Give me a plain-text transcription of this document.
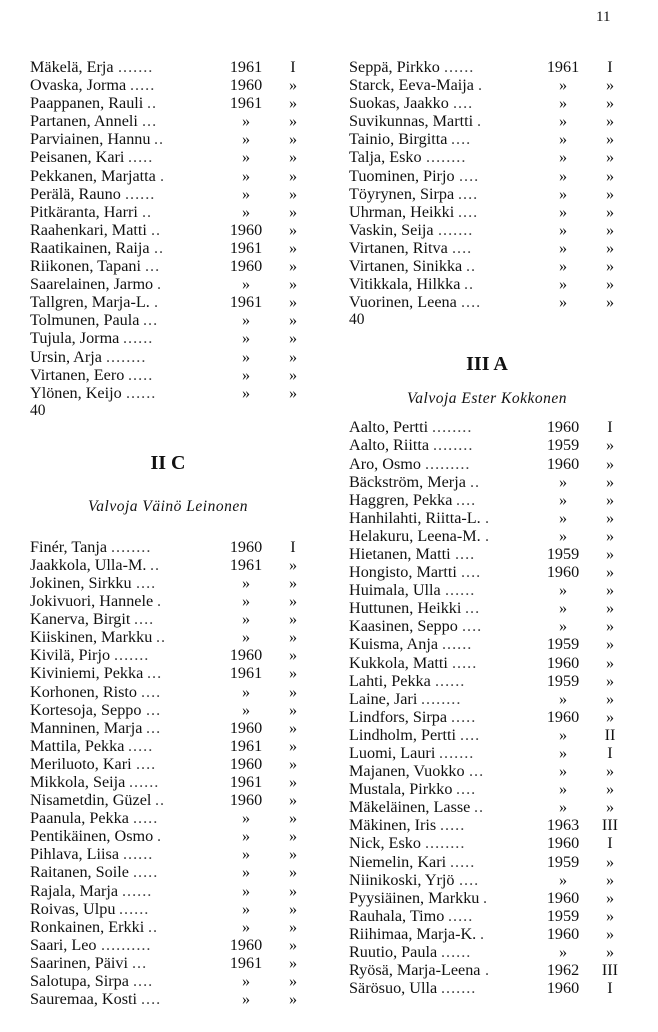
11
Mäkelä, Erja .......	1961	I
Ovaska, Jorma .....	1960	»
Paappanen, Rauli ..	1961	»
Partanen, Anneli ...	»	»
Parviainen, Hannu ..	»	»
Peisanen, Kari .....	»	»
Pekkanen, Marjatta .	»	»
Perälä, Rauno ......	»	»
Pitkäranta, Harri ..	»	»
Raahenkari, Matti ..	1960	»
Raatikainen, Raija ..	1961	»
Riikonen, Tapani ...	1960	»
Saarelainen, Jarmo .	»	»
Tallgren, Marja-L. .	1961	»
Tolmunen, Paula ...	»	»
Tujula, Jorma ......	»	»
Ursin, Arja ........	»	»
Virtanen, Eero .....	»	»
Ylönen, Keijo ......	»	»
40
II C
Valvoja Väinö Leinonen
Finér, Tanja ........	1960	I
Jaakkola, Ulla-M. ..	1961	»
Jokinen, Sirkku ....	»	»
Jokivuori, Hannele .	»	»
Kanerva, Birgit ....	»	»
Kiiskinen, Markku ..	»	»
Kivilä, Pirjo .......	1960	»
Kiviniemi, Pekka ...	1961	»
Korhonen, Risto ....	»	»
Kortesoja, Seppo ...	»	»
Manninen, Marja ...	1960	»
Mattila, Pekka .....	1961	»
Meriluoto, Kari ....	1960	»
Mikkola, Seija ......	1961	»
Nisametdin, Güzel ..	1960	»
Paanula, Pekka .....	»	»
Pentikäinen, Osmo .	»	»
Pihlava, Liisa ......	»	»
Raitanen, Soile .....	»	»
Rajala, Marja ......	»	»
Roivas, Ulpu ......	»	»
Ronkainen, Erkki ..	»	»
Saari, Leo ..........	1960	»
Saarinen, Päivi ...	1961	»
Salotupa, Sirpa ....	»	»
Sauremaa, Kosti ....	»	»
Seppä, Pirkko ......	1961	I
Starck, Eeva-Maija .	»	»
Suokas, Jaakko ....	»	»
Suvikunnas, Martti .	»	»
Tainio, Birgitta ....	»	»
Talja, Esko ........	»	»
Tuominen, Pirjo ....	»	»
Töyrynen, Sirpa ....	»	»
Uhrman, Heikki ....	»	»
Vaskin, Seija .......	»	»
Virtanen, Ritva ....	»	»
Virtanen, Sinikka ..	»	»
Vitikkala, Hilkka ..	»	»
Vuorinen, Leena ....	»	»
40
III A
Valvoja Ester Kokkonen
Aalto, Pertti ........	1960	I
Aalto, Riitta ........	1959	»
Aro, Osmo .........	1960	»
Bäckström, Merja ..	»	»
Haggren, Pekka ....	»	»
Hanhilahti, Riitta-L. .	»	»
Helakuru, Leena-M. .	»	»
Hietanen, Matti ....	1959	»
Hongisto, Martti ....	1960	»
Huimala, Ulla ......	»	»
Huttunen, Heikki ...	»	»
Kaasinen, Seppo ....	»	»
Kuisma, Anja ......	1959	»
Kukkola, Matti .....	1960	»
Lahti, Pekka ......	1959	»
Laine, Jari ........	»	»
Lindfors, Sirpa .....	1960	»
Lindholm, Pertti ....	»	II
Luomi, Lauri .......	»	I
Majanen, Vuokko ...	»	»
Mustala, Pirkko ....	»	»
Mäkeläinen, Lasse ..	»	»
Mäkinen, Iris .....	1963	III
Nick, Esko ........	1960	I
Niemelin, Kari .....	1959	»
Niinikoski, Yrjö ....	»	»
Pyysiäinen, Markku .	1960	»
Rauhala, Timo .....	1959	»
Riihimaa, Marja-K. .	1960	»
Ruutio, Paula ......	»	»
Ryösä, Marja-Leena .	1962	III
Särösuo, Ulla .......	1960	I
